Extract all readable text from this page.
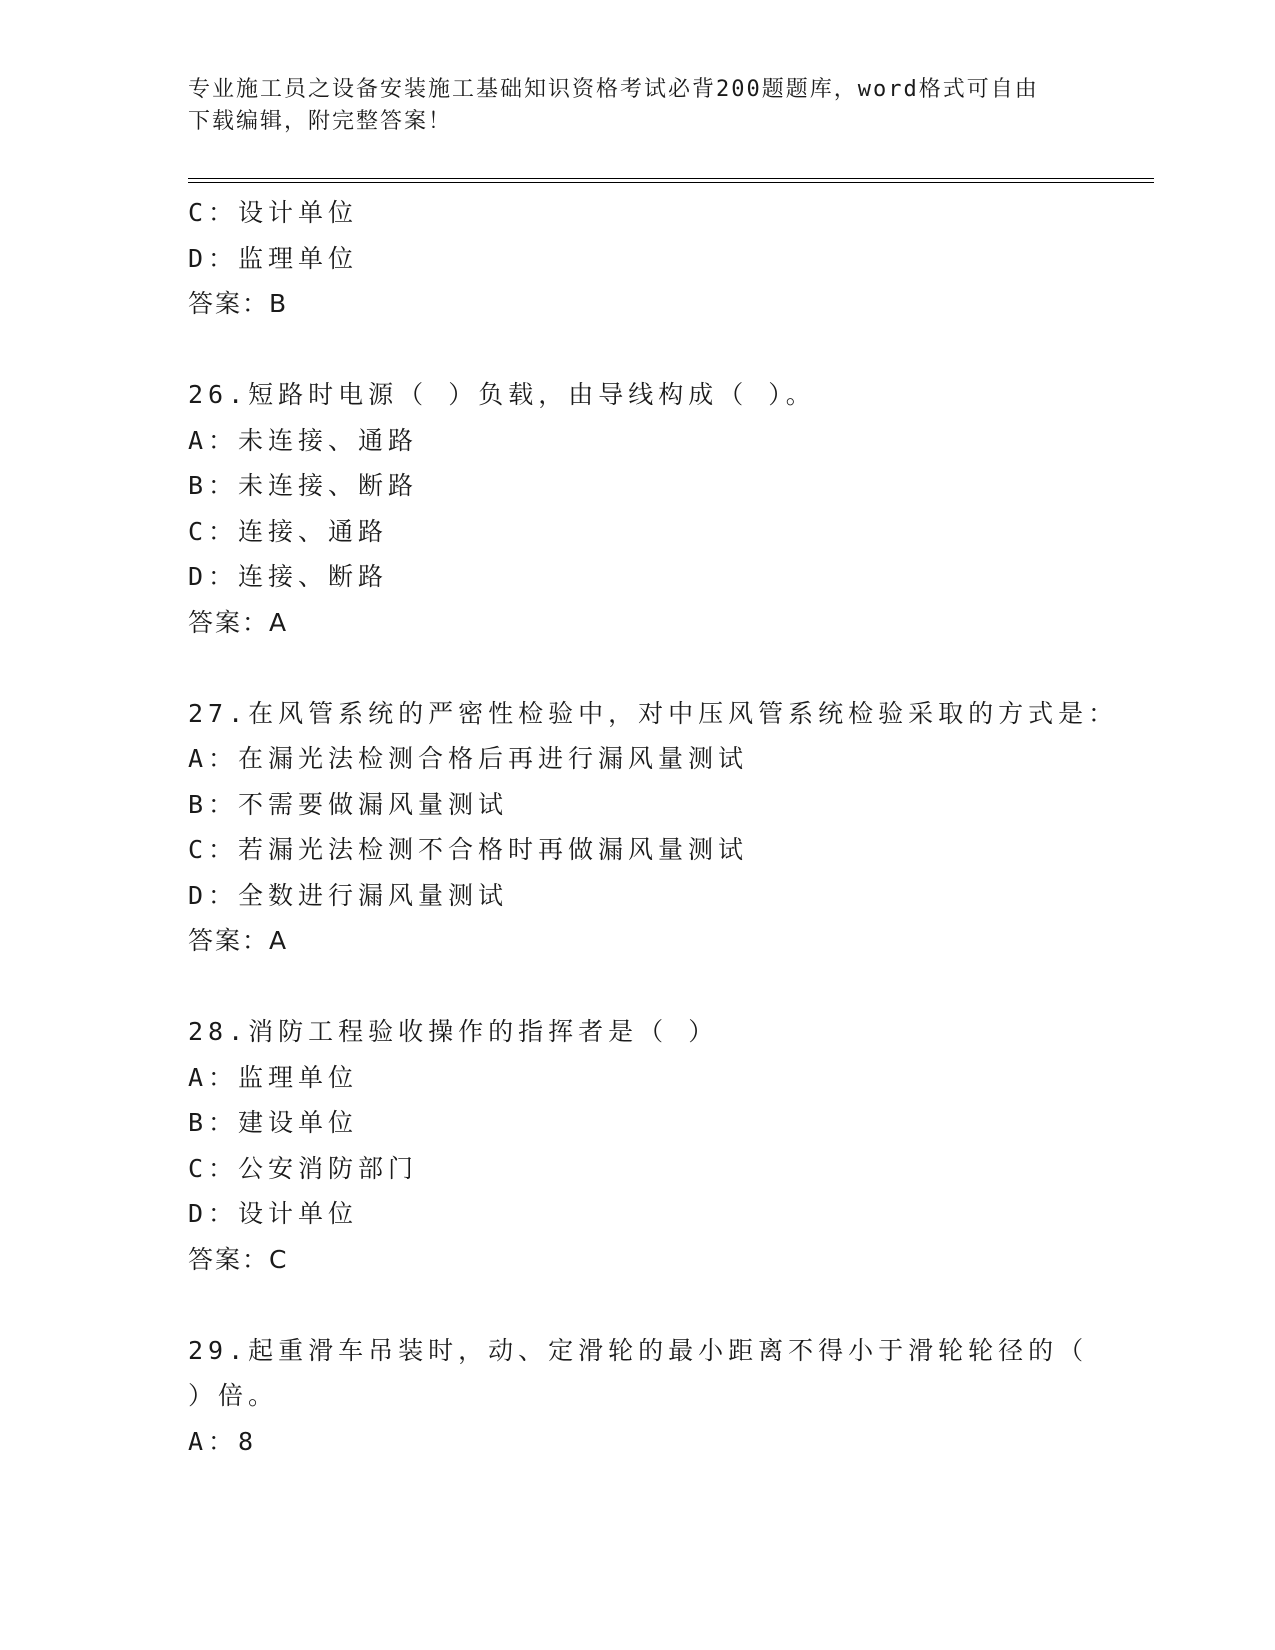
专业施工员之设备安装施工基础知识资格考试必背200题题库，word格式可自由
下载编辑，附完整答案！
C：设计单位
D：监理单位
答案：B
26.短路时电源（ ）负载，由导线构成（ ）。
A：未连接、通路
B：未连接、断路
C：连接、通路
D：连接、断路
答案：A
27.在风管系统的严密性检验中，对中压风管系统检验采取的方式是：
A：在漏光法检测合格后再进行漏风量测试
B：不需要做漏风量测试
C：若漏光法检测不合格时再做漏风量测试
D：全数进行漏风量测试
答案：A
28.消防工程验收操作的指挥者是（ ）
A：监理单位
B：建设单位
C：公安消防部门
D：设计单位
答案：C
29.起重滑车吊装时，动、定滑轮的最小距离不得小于滑轮轮径的（
）倍。
A：8
